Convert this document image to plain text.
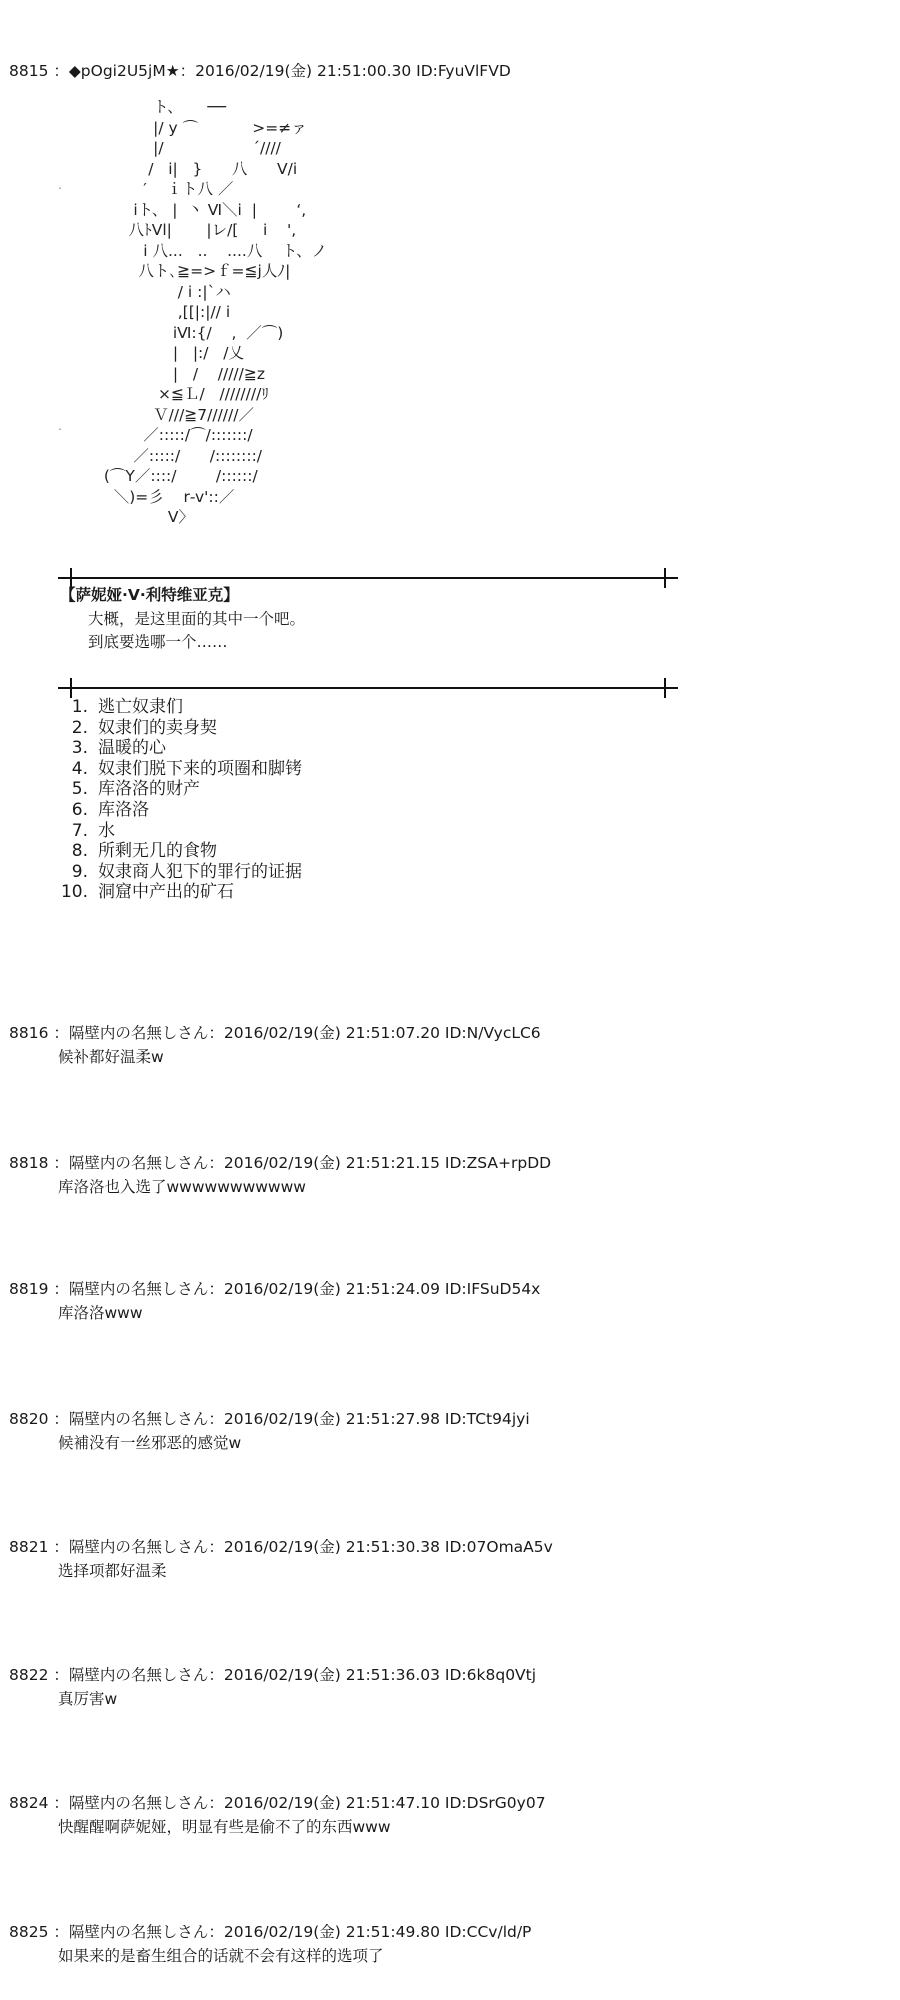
8815 ：◆pOgi2U5jM★：2016/02/19(金) 21:51:00.30 ID:FyuVlFVD
ト、     ──
|/ y ⌒           >=≠ァ
|/                  ´////
/   i|   }      八      V/i
′    ｉト八 ／
iト、 |  丶 Ⅵ＼i  |        ‘,
八ﾄVl|       |レ/[     i    ',
i 八...   ..    ....八    ト、ノ
八ト､≧=>ｆ=≦j人ﾉ|
/ i :|`ハ
,[[|:|// i
iⅥ:{/    ,  ／⌒)
|   |:/   /乂
|   /    /////≧z
×≦Ｌ/   ////////ﾘ
Ｖ///≧7//////／
／:::::/⌒/:::::::/
／:::::/      /::::::::/
(⌒Y／::::/        /::::::/
＼)=彡    r‐v'::／
V〉
.
.
【萨妮娅·V·利特维亚克】
大概，是这里面的其中一个吧。
到底要选哪一个……
1. 逃亡奴隶们
2. 奴隶们的卖身契
3. 温暖的心
4. 奴隶们脱下来的项圈和脚铐
5. 库洛洛的财产
6. 库洛洛
7. 水
8. 所剩无几的食物
9. 奴隶商人犯下的罪行的证据
10. 洞窟中产出的矿石
8816 ：隔壁内の名無しさん：2016/02/19(金) 21:51:07.20 ID:N/VycLC6
候补都好温柔w
8818 ：隔壁内の名無しさん：2016/02/19(金) 21:51:21.15 ID:ZSA+rpDD
库洛洛也入选了wwwwwwwwwww
8819 ：隔壁内の名無しさん：2016/02/19(金) 21:51:24.09 ID:IFSuD54x
库洛洛www
8820 ：隔壁内の名無しさん：2016/02/19(金) 21:51:27.98 ID:TCt94jyi
候補没有一丝邪恶的感觉w
8821 ：隔壁内の名無しさん：2016/02/19(金) 21:51:30.38 ID:07OmaA5v
选择项都好温柔
8822 ：隔壁内の名無しさん：2016/02/19(金) 21:51:36.03 ID:6k8q0Vtj
真厉害w
8824 ：隔壁内の名無しさん：2016/02/19(金) 21:51:47.10 ID:DSrG0y07
快醒醒啊萨妮娅，明显有些是偷不了的东西www
8825 ：隔壁内の名無しさん：2016/02/19(金) 21:51:49.80 ID:CCv/ld/P
如果来的是畜生组合的话就不会有这样的选项了
